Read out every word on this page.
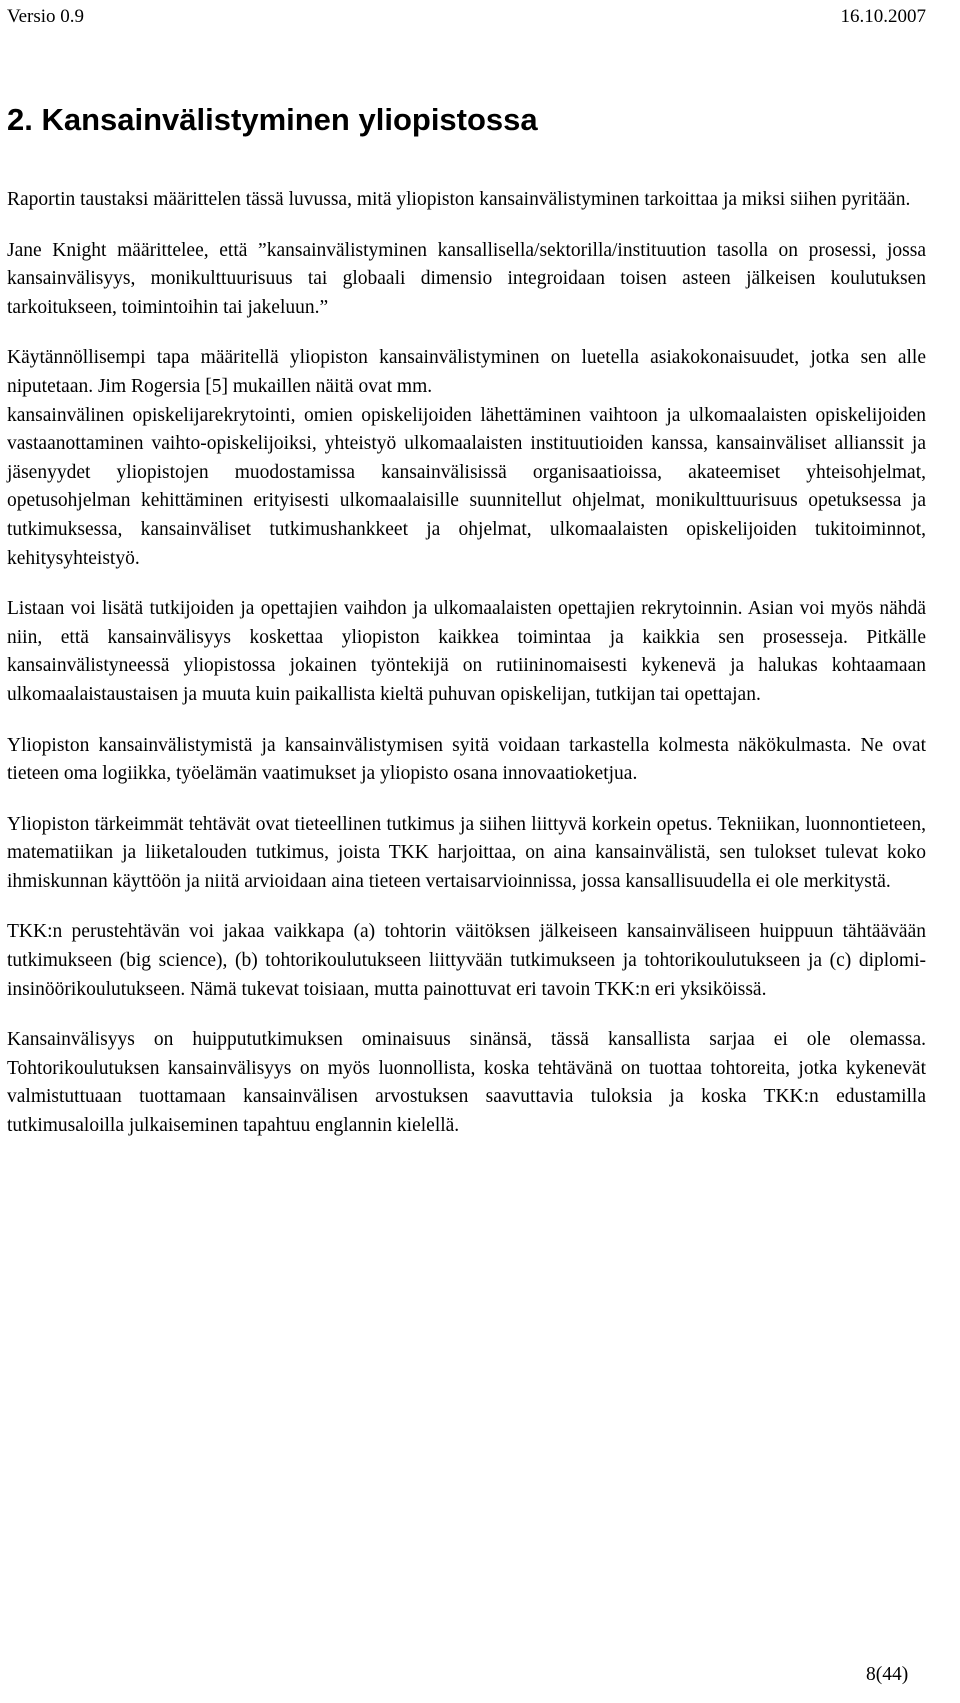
Versio 0.9	16.10.2007
2. Kansainvälistyminen yliopistossa

Raportin taustaksi määrittelen tässä luvussa, mitä yliopiston kansainvälistyminen tarkoittaa ja miksi siihen pyritään.

Jane Knight määrittelee, että ”kansainvälistyminen kansallisella/sektorilla/instituution tasolla on prosessi, jossa kansainvälisyys, monikulttuurisuus tai globaali dimensio integroidaan toisen asteen jälkeisen koulutuksen tarkoitukseen, toimintoihin tai jakeluun.”

Käytännöllisempi tapa määritellä yliopiston kansainvälistyminen on luetella asiakokonaisuudet, jotka sen alle niputetaan. Jim Rogersia [5] mukaillen näitä ovat mm.

kansainvälinen opiskelijarekrytointi, omien opiskelijoiden lähettäminen vaihtoon ja ulkomaalaisten opiskelijoiden vastaanottaminen vaihto-opiskelijoiksi, yhteistyö ulkomaalaisten instituutioiden kanssa, kansainväliset allianssit ja jäsenyydet yliopistojen muodostamissa kansainvälisissä organisaatioissa, akateemiset yhteisohjelmat, opetusohjelman kehittäminen erityisesti ulkomaalaisille suunnitellut ohjelmat, monikulttuurisuus opetuksessa ja tutkimuksessa, kansainväliset tutkimushankkeet ja ohjelmat, ulkomaalaisten opiskelijoiden tukitoiminnot, kehitysyhteistyö.

Listaan voi lisätä tutkijoiden ja opettajien vaihdon ja ulkomaalaisten opettajien rekrytoinnin. Asian voi myös nähdä niin, että kansainvälisyys koskettaa yliopiston kaikkea toimintaa ja kaikkia sen prosesseja. Pitkälle kansainvälistyneessä yliopistossa jokainen työntekijä on rutiininomaisesti kykenevä ja halukas kohtaamaan ulkomaalaistaustaisen ja muuta kuin paikallista kieltä puhuvan opiskelijan, tutkijan tai opettajan.

Yliopiston kansainvälistymistä ja kansainvälistymisen syitä voidaan tarkastella kolmesta näkökulmasta. Ne ovat tieteen oma logiikka, työelämän vaatimukset ja yliopisto osana innovaatioketjua.

Yliopiston tärkeimmät tehtävät ovat tieteellinen tutkimus ja siihen liittyvä korkein opetus. Tekniikan, luonnontieteen, matematiikan ja liiketalouden tutkimus, joista TKK harjoittaa, on aina kansainvälistä, sen tulokset tulevat koko ihmiskunnan käyttöön ja niitä arvioidaan aina tieteen vertaisarvioinnissa, jossa kansallisuudella ei ole merkitystä.

TKK:n perustehtävän voi jakaa vaikkapa (a) tohtorin väitöksen jälkeiseen kansainväliseen huippuun tähtäävään tutkimukseen (big science), (b) tohtorikoulutukseen liittyvään tutkimukseen ja tohtorikoulutukseen ja (c) diplomi-insinöörikoulutukseen. Nämä tukevat toisiaan, mutta painottuvat eri tavoin TKK:n eri yksiköissä.

Kansainvälisyys on huippututkimuksen ominaisuus sinänsä, tässä kansallista sarjaa ei ole olemassa. Tohtorikoulutuksen kansainvälisyys on myös luonnollista, koska tehtävänä on tuottaa tohtoreita, jotka kykenevät valmistuttuaan tuottamaan kansainvälisen arvostuksen saavuttavia tuloksia ja koska TKK:n edustamilla tutkimusaloilla julkaiseminen tapahtuu englannin kielellä.

8(44)
